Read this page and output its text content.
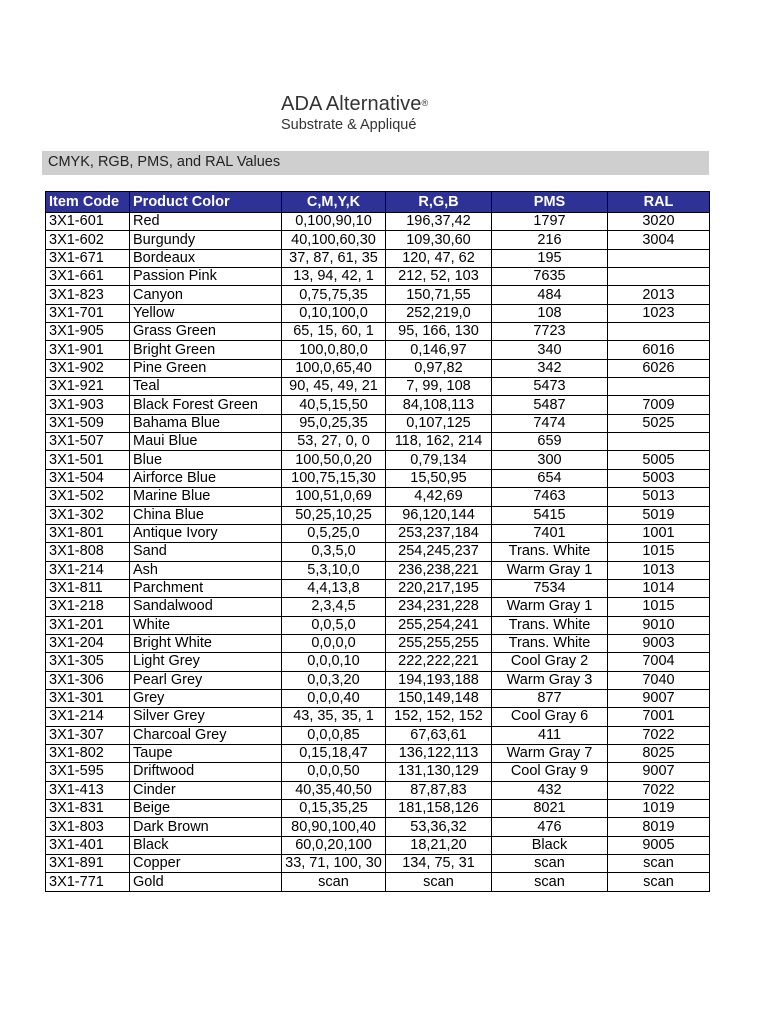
ADA Alternative®
Substrate & Appliqué
CMYK, RGB, PMS, and RAL Values
Item Code	Product Color	C,M,Y,K	R,G,B	PMS	RAL
3X1-601	Red	0,100,90,10	196,37,42	1797	3020
3X1-602	Burgundy	40,100,60,30	109,30,60	216	3004
3X1-671	Bordeaux	37, 87, 61, 35	120, 47, 62	195	
3X1-661	Passion Pink	13, 94, 42, 1	212, 52, 103	7635	
3X1-823	Canyon	0,75,75,35	150,71,55	484	2013
3X1-701	Yellow	0,10,100,0	252,219,0	108	1023
3X1-905	Grass Green	65, 15, 60, 1	95, 166, 130	7723	
3X1-901	Bright Green	100,0,80,0	0,146,97	340	6016
3X1-902	Pine Green	100,0,65,40	0,97,82	342	6026
3X1-921	Teal	90, 45, 49, 21	7, 99, 108	5473	
3X1-903	Black Forest Green	40,5,15,50	84,108,113	5487	7009
3X1-509	Bahama Blue	95,0,25,35	0,107,125	7474	5025
3X1-507	Maui Blue	53, 27, 0, 0	118, 162, 214	659	
3X1-501	Blue	100,50,0,20	0,79,134	300	5005
3X1-504	Airforce Blue	100,75,15,30	15,50,95	654	5003
3X1-502	Marine Blue	100,51,0,69	4,42,69	7463	5013
3X1-302	China Blue	50,25,10,25	96,120,144	5415	5019
3X1-801	Antique Ivory	0,5,25,0	253,237,184	7401	1001
3X1-808	Sand	0,3,5,0	254,245,237	Trans. White	1015
3X1-214	Ash	5,3,10,0	236,238,221	Warm Gray 1	1013
3X1-811	Parchment	4,4,13,8	220,217,195	7534	1014
3X1-218	Sandalwood	2,3,4,5	234,231,228	Warm Gray 1	1015
3X1-201	White	0,0,5,0	255,254,241	Trans. White	9010
3X1-204	Bright White	0,0,0,0	255,255,255	Trans. White	9003
3X1-305	Light Grey	0,0,0,10	222,222,221	Cool Gray 2	7004
3X1-306	Pearl Grey	0,0,3,20	194,193,188	Warm Gray 3	7040
3X1-301	Grey	0,0,0,40	150,149,148	877	9007
3X1-214	Silver Grey	43, 35, 35, 1	152, 152, 152	Cool Gray 6	7001
3X1-307	Charcoal Grey	0,0,0,85	67,63,61	411	7022
3X1-802	Taupe	0,15,18,47	136,122,113	Warm Gray 7	8025
3X1-595	Driftwood	0,0,0,50	131,130,129	Cool Gray 9	9007
3X1-413	Cinder	40,35,40,50	87,87,83	432	7022
3X1-831	Beige	0,15,35,25	181,158,126	8021	1019
3X1-803	Dark Brown	80,90,100,40	53,36,32	476	8019
3X1-401	Black	60,0,20,100	18,21,20	Black	9005
3X1-891	Copper	33, 71, 100, 30	134, 75, 31	scan	scan
3X1-771	Gold	scan	scan	scan	scan
